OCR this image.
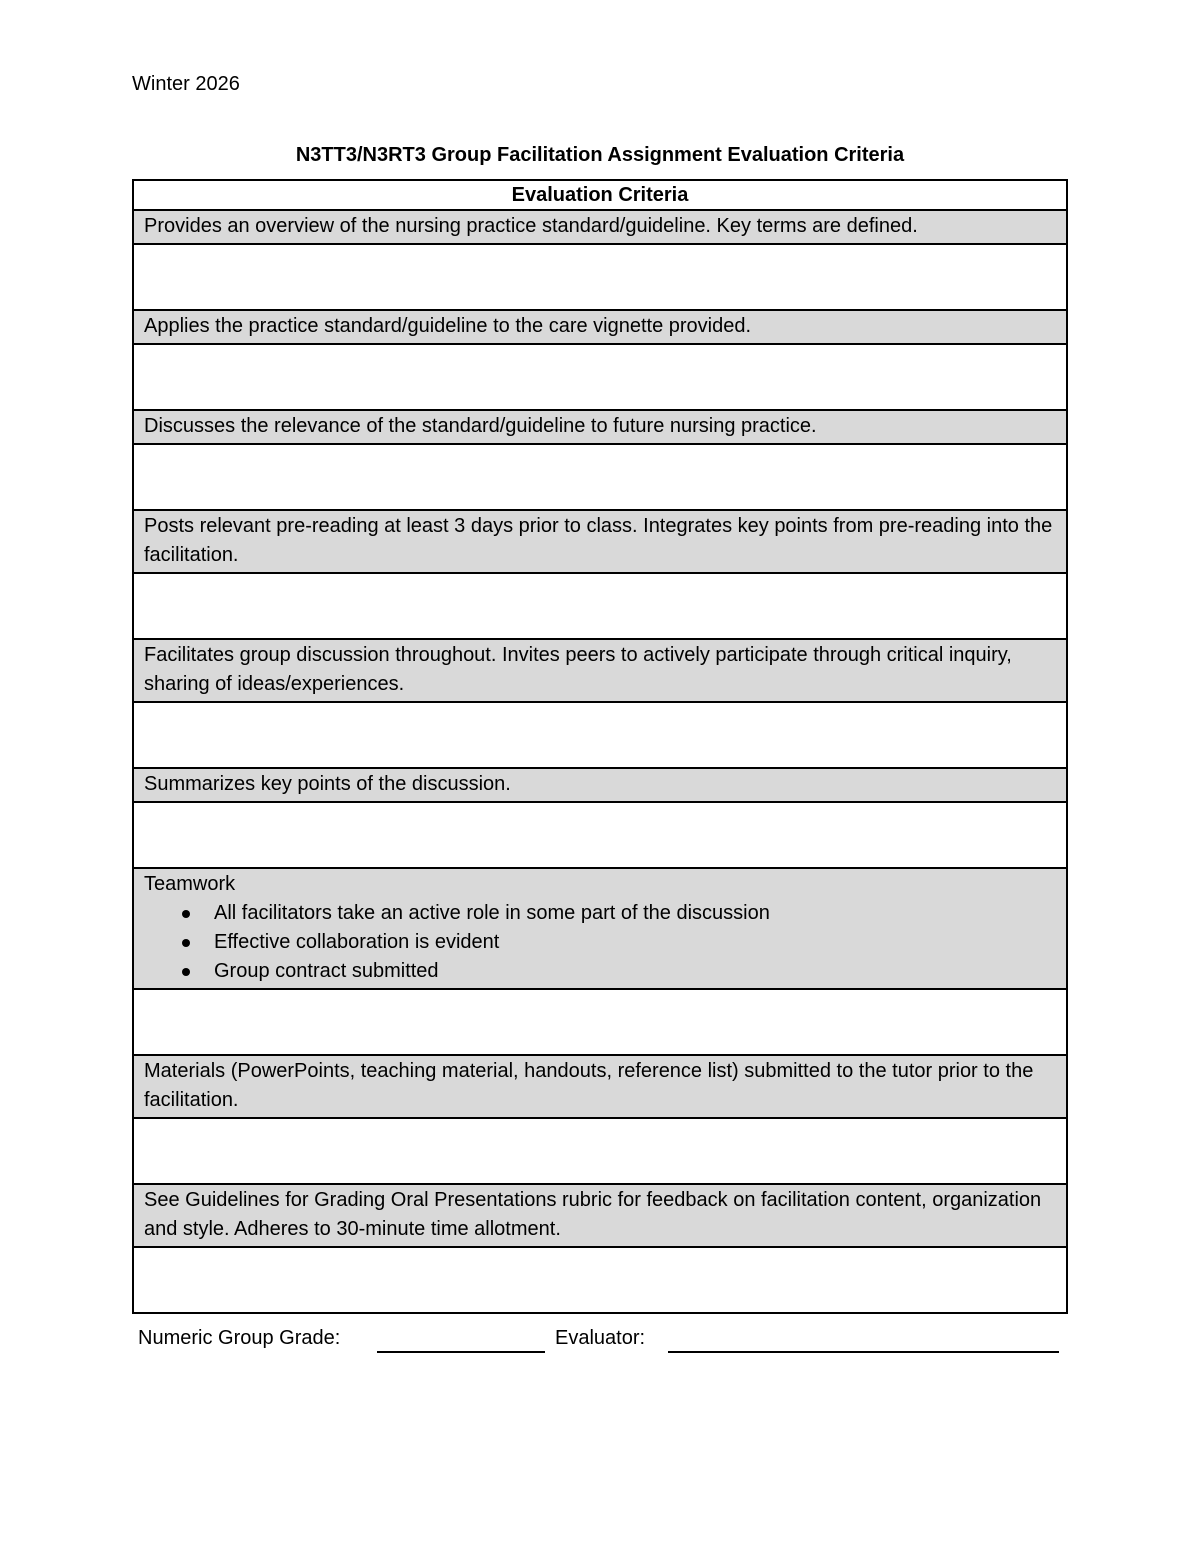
Winter 2026
N3TT3/N3RT3 Group Facilitation Assignment Evaluation Criteria
Evaluation Criteria
Provides an overview of the nursing practice standard/guideline. Key terms are defined.

Applies the practice standard/guideline to the care vignette provided.

Discusses the relevance of the standard/guideline to future nursing practice.

Posts relevant pre-reading at least 3 days prior to class. Integrates key points from pre-reading into the facilitation.

Facilitates group discussion throughout. Invites peers to actively participate through critical inquiry, sharing of ideas/experiences.

Summarizes key points of the discussion.

Teamwork
All facilitators take an active role in some part of the discussion
Effective collaboration is evident
Group contract submitted

Materials (PowerPoints, teaching material, handouts, reference list) submitted to the tutor prior to the facilitation.

See Guidelines for Grading Oral Presentations rubric for feedback on facilitation content, organization and style. Adheres to 30-minute time allotment.

Numeric Group Grade:	Evaluator:
